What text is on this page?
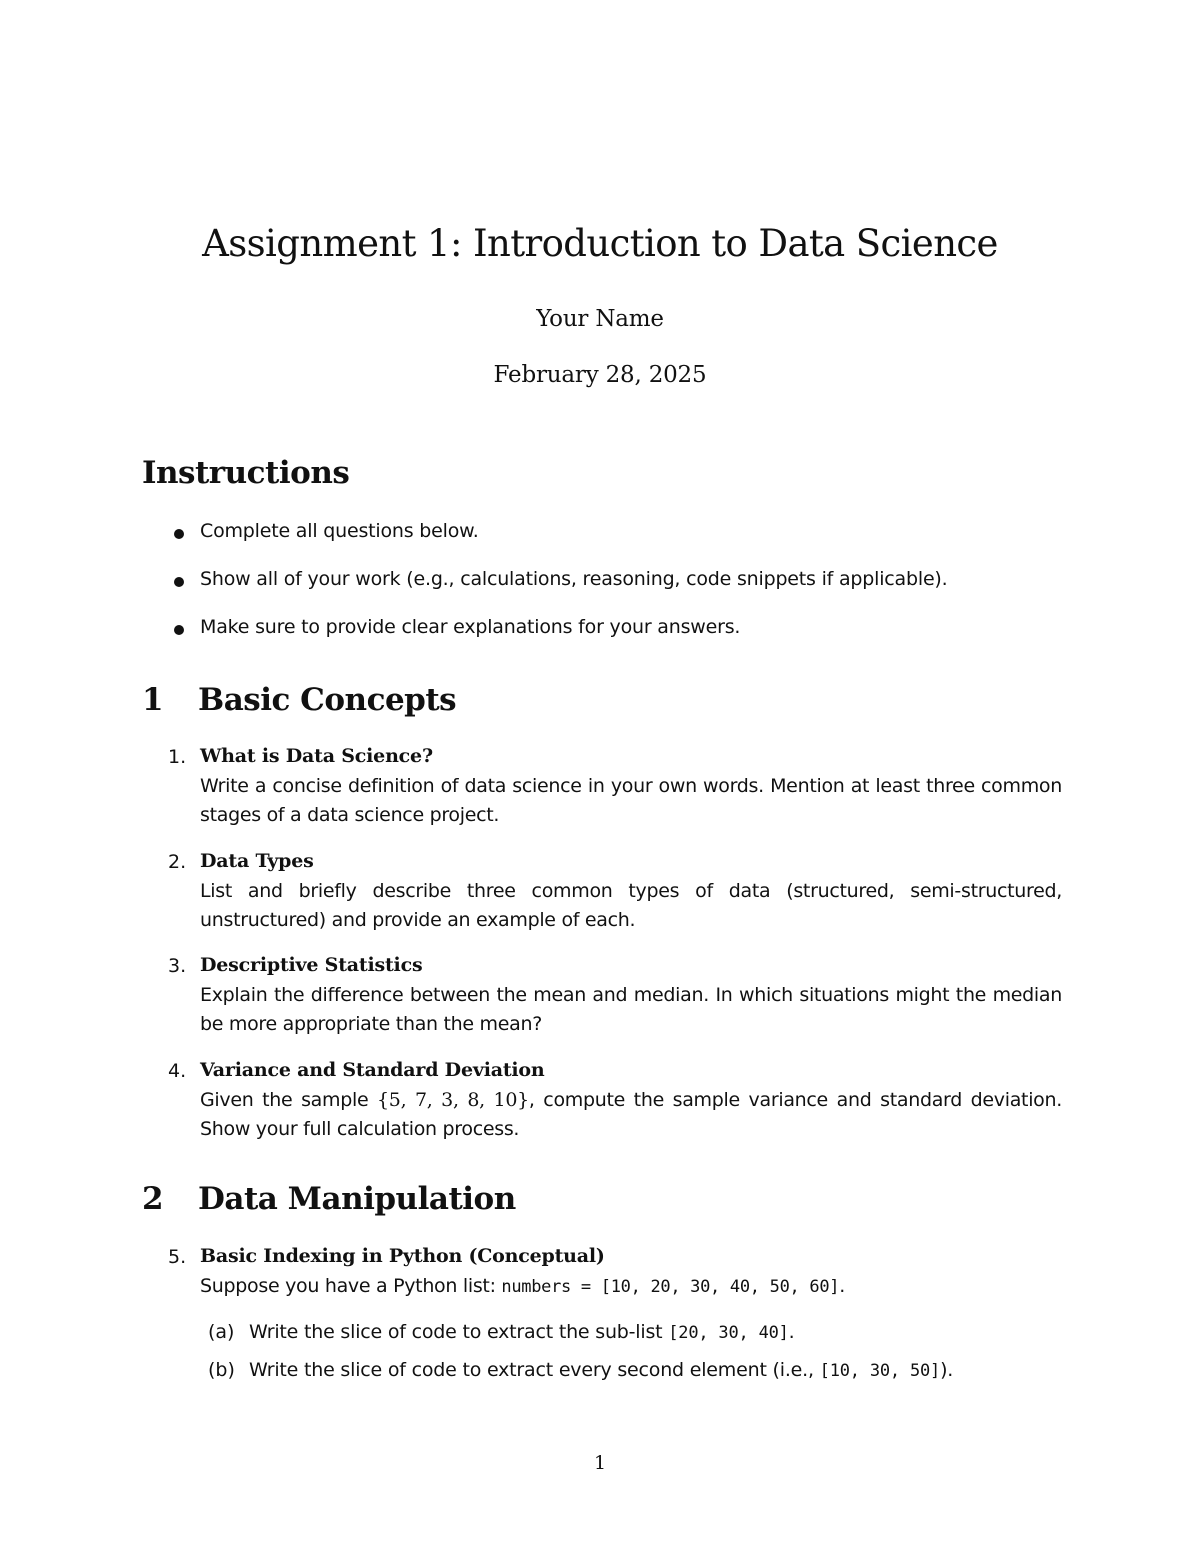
Assignment 1: Introduction to Data Science
Your Name
February 28, 2025
Instructions
Complete all questions below.
Show all of your work (e.g., calculations, reasoning, code snippets if applicable).
Make sure to provide clear explanations for your answers.
1 Basic Concepts
1. What is Data Science?
Write a concise definition of data science in your own words. Mention at least three common stages of a data science project.
2. Data Types
List and briefly describe three common types of data (structured, semi-structured, unstructured) and provide an example of each.
3. Descriptive Statistics
Explain the difference between the mean and median. In which situations might the median be more appropriate than the mean?
4. Variance and Standard Deviation
Given the sample {5, 7, 3, 8, 10}, compute the sample variance and standard deviation. Show your full calculation process.
2 Data Manipulation
5. Basic Indexing in Python (Conceptual)
Suppose you have a Python list: numbers = [10, 20, 30, 40, 50, 60].
(a) Write the slice of code to extract the sub-list [20, 30, 40].
(b) Write the slice of code to extract every second element (i.e., [10, 30, 50]).
1
